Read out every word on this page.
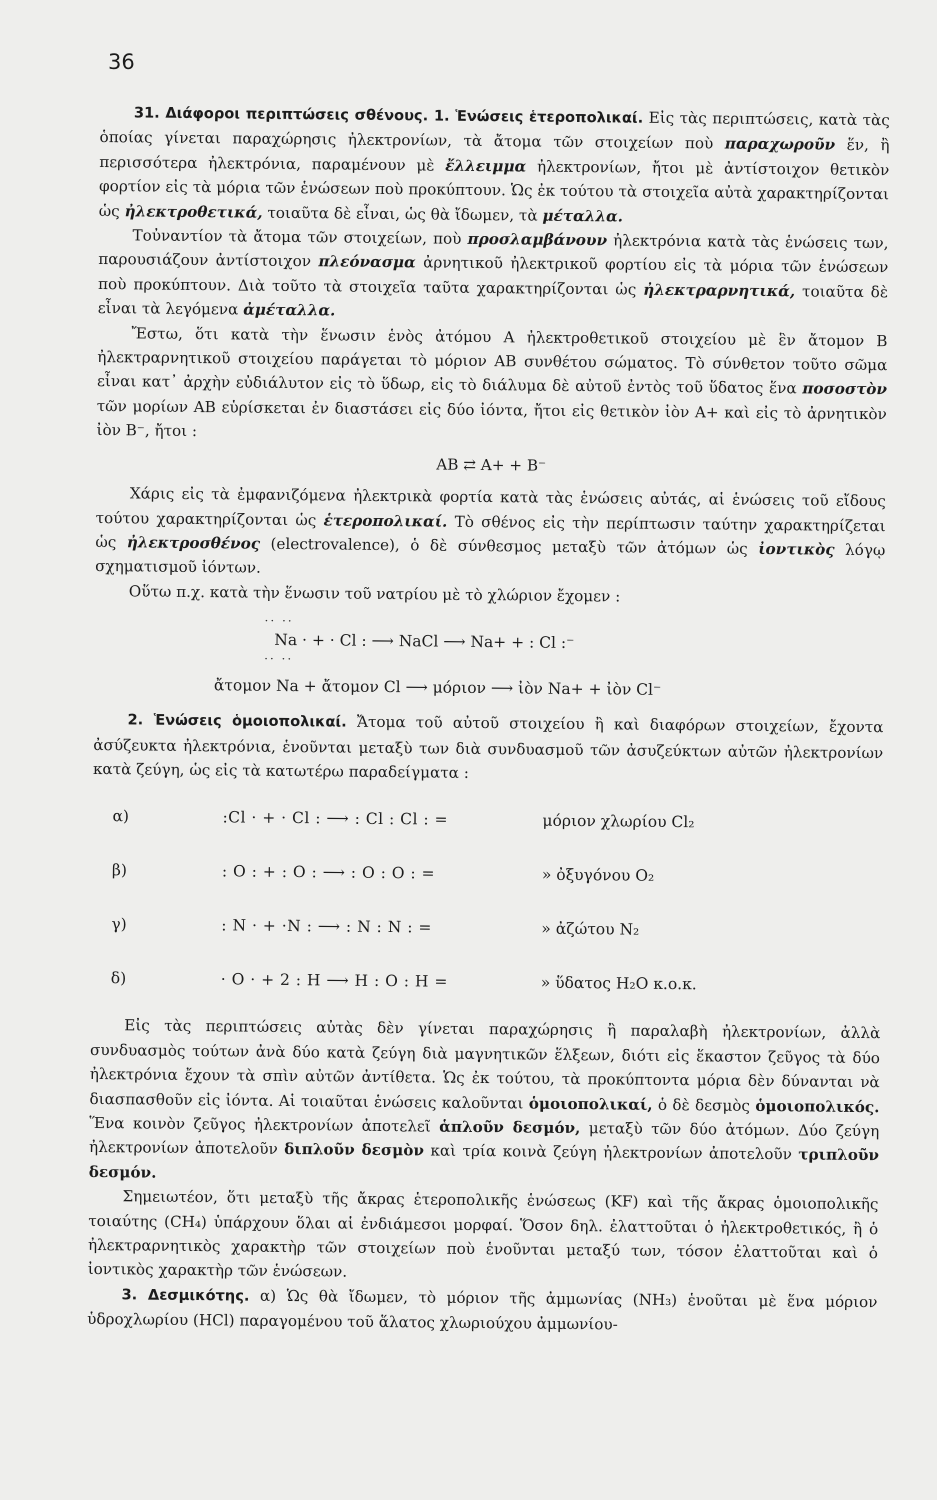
36

31. Διάφοροι περιπτώσεις σθένους. 1. Ἑνώσεις ἑτεροπολικαί. Εἰς τὰς περιπτώσεις, κατὰ τὰς ὁποίας γίνεται παραχώρησις ἠλεκτρονίων, τὰ ἄτομα τῶν στοιχείων ποὺ παραχωροῦν ἕν, ἢ περισσότερα ἠλεκτρόνια, παραμένουν μὲ ἔλλειμμα ἠλεκτρονίων, ἤτοι μὲ ἀντίστοιχον θετικὸν φορτίον εἰς τὰ μόρια τῶν ἑνώσεων ποὺ προκύπτουν. Ὡς ἐκ τούτου τὰ στοιχεῖα αὐτὰ χαρακτηρίζονται ὡς ἠλεκτροθετικά, τοιαῦτα δὲ εἶναι, ὡς θὰ ἴδωμεν, τὰ μέταλλα.

Τοὐναντίον τὰ ἄτομα τῶν στοιχείων, ποὺ προσλαμβάνουν ἠλεκτρόνια κατὰ τὰς ἑνώσεις των, παρουσιάζουν ἀντίστοιχον πλεόνασμα ἀρνητικοῦ ἠλεκτρικοῦ φορτίου εἰς τὰ μόρια τῶν ἑνώσεων ποὺ προκύπτουν. Διὰ τοῦτο τὰ στοιχεῖα ταῦτα χαρακτηρίζονται ὡς ἠλεκτραρνητικά, τοιαῦτα δὲ εἶναι τὰ λεγόμενα ἀμέταλλα.

Ἔστω, ὅτι κατὰ τὴν ἕνωσιν ἑνὸς ἀτόμου Α ἠλεκτροθετικοῦ στοιχείου μὲ ἓν ἄτομον Β ἠλεκτραρνητικοῦ στοιχείου παράγεται τὸ μόριον ΑΒ συνθέτου σώματος. Τὸ σύνθετον τοῦτο σῶμα εἶναι κατ᾽ ἀρχὴν εὐδιάλυτον εἰς τὸ ὕδωρ, εἰς τὸ διάλυμα δὲ αὐτοῦ ἐντὸς τοῦ ὕδατος ἕνα ποσοστὸν τῶν μορίων ΑΒ εὑρίσκεται ἐν διαστάσει εἰς δύο ἰόντα, ἤτοι εἰς θετικὸν ἰὸν Α+ καὶ εἰς τὸ ἀρνητικὸν ἰὸν Β⁻, ἤτοι :

AB ⇄ A+ + B⁻

Χάρις εἰς τὰ ἐμφανιζόμενα ἠλεκτρικὰ φορτία κατὰ τὰς ἑνώσεις αὐτάς, αἱ ἑνώσεις τοῦ εἴδους τούτου χαρακτηρίζονται ὡς ἑτεροπολικαί. Τὸ σθένος εἰς τὴν περίπτωσιν ταύτην χαρακτηρίζεται ὡς ἠλεκτροσθένος (electrovalence), ὁ δὲ σύνθεσμος μεταξὺ τῶν ἀτόμων ὡς ἰοντικὸς λόγῳ σχηματισμοῦ ἰόντων.

Οὕτω π.χ. κατὰ τὴν ἕνωσιν τοῦ νατρίου μὲ τὸ χλώριον ἔχομεν :

·· ··
Na · + · Cl : ⟶ NaCl ⟶ Na+ + : Cl :⁻
·· ··
ἄτομον Na + ἄτομον Cl ⟶ μόριον ⟶ ἰὸν Na+ + ἰὸν Cl⁻

2. Ἑνώσεις ὁμοιοπολικαί. Ἄτομα τοῦ αὐτοῦ στοιχείου ἢ καὶ διαφόρων στοιχείων, ἔχοντα ἀσύζευκτα ἠλεκτρόνια, ἑνοῦνται μεταξὺ των διὰ συνδυασμοῦ τῶν ἀσυζεύκτων αὐτῶν ἠλεκτρονίων κατὰ ζεύγη, ὡς εἰς τὰ κατωτέρω παραδείγματα :

α)	:Cl · + · Cl : ⟶ : Cl : Cl : =	μόριον χλωρίου Cl₂
β)	: O : + : O : ⟶ : O : O : =	» ὀξυγόνου O₂
γ)	: N · + ·N : ⟶ : N : N : =	» ἀζώτου N₂
δ)	· O · + 2 : H ⟶ H : O : H =	» ὕδατος H₂O κ.ο.κ.

Εἰς τὰς περιπτώσεις αὐτὰς δὲν γίνεται παραχώρησις ἢ παραλαβὴ ἠλεκτρονίων, ἀλλὰ συνδυασμὸς τούτων ἀνὰ δύο κατὰ ζεύγη διὰ μαγνητικῶν ἕλξεων, διότι εἰς ἕκαστον ζεῦγος τὰ δύο ἠλεκτρόνια ἔχουν τὰ σπὶν αὐτῶν ἀντίθετα. Ὡς ἐκ τούτου, τὰ προκύπτοντα μόρια δὲν δύνανται νὰ διασπασθοῦν εἰς ἰόντα. Αἱ τοιαῦται ἑνώσεις καλοῦνται ὁμοιοπολικαί, ὁ δὲ δεσμὸς ὁμοιοπολικός. Ἕνα κοινὸν ζεῦγος ἠλεκτρονίων ἀποτελεῖ ἁπλοῦν δεσμόν, μεταξὺ τῶν δύο ἀτόμων. Δύο ζεύγη ἠλεκτρονίων ἀποτελοῦν διπλοῦν δεσμὸν καὶ τρία κοινὰ ζεύγη ἠλεκτρονίων ἀποτελοῦν τριπλοῦν δεσμόν.

Σημειωτέον, ὅτι μεταξὺ τῆς ἄκρας ἑτεροπολικῆς ἑνώσεως (KF) καὶ τῆς ἄκρας ὁμοιοπολικῆς τοιαύτης (CH₄) ὑπάρχουν ὅλαι αἱ ἐνδιάμεσοι μορφαί. Ὅσον δηλ. ἐλαττοῦται ὁ ἠλεκτροθετικός, ἢ ὁ ἠλεκτραρνητικὸς χαρακτὴρ τῶν στοιχείων ποὺ ἑνοῦνται μεταξύ των, τόσον ἐλαττοῦται καὶ ὁ ἰοντικὸς χαρακτὴρ τῶν ἑνώσεων.

3. Δεσμικότης. α) Ὡς θὰ ἴδωμεν, τὸ μόριον τῆς ἀμμωνίας (NH₃) ἑνοῦται μὲ ἕνα μόριον ὑδροχλωρίου (HCl) παραγομένου τοῦ ἅλατος χλωριούχου ἀμμωνίου-
